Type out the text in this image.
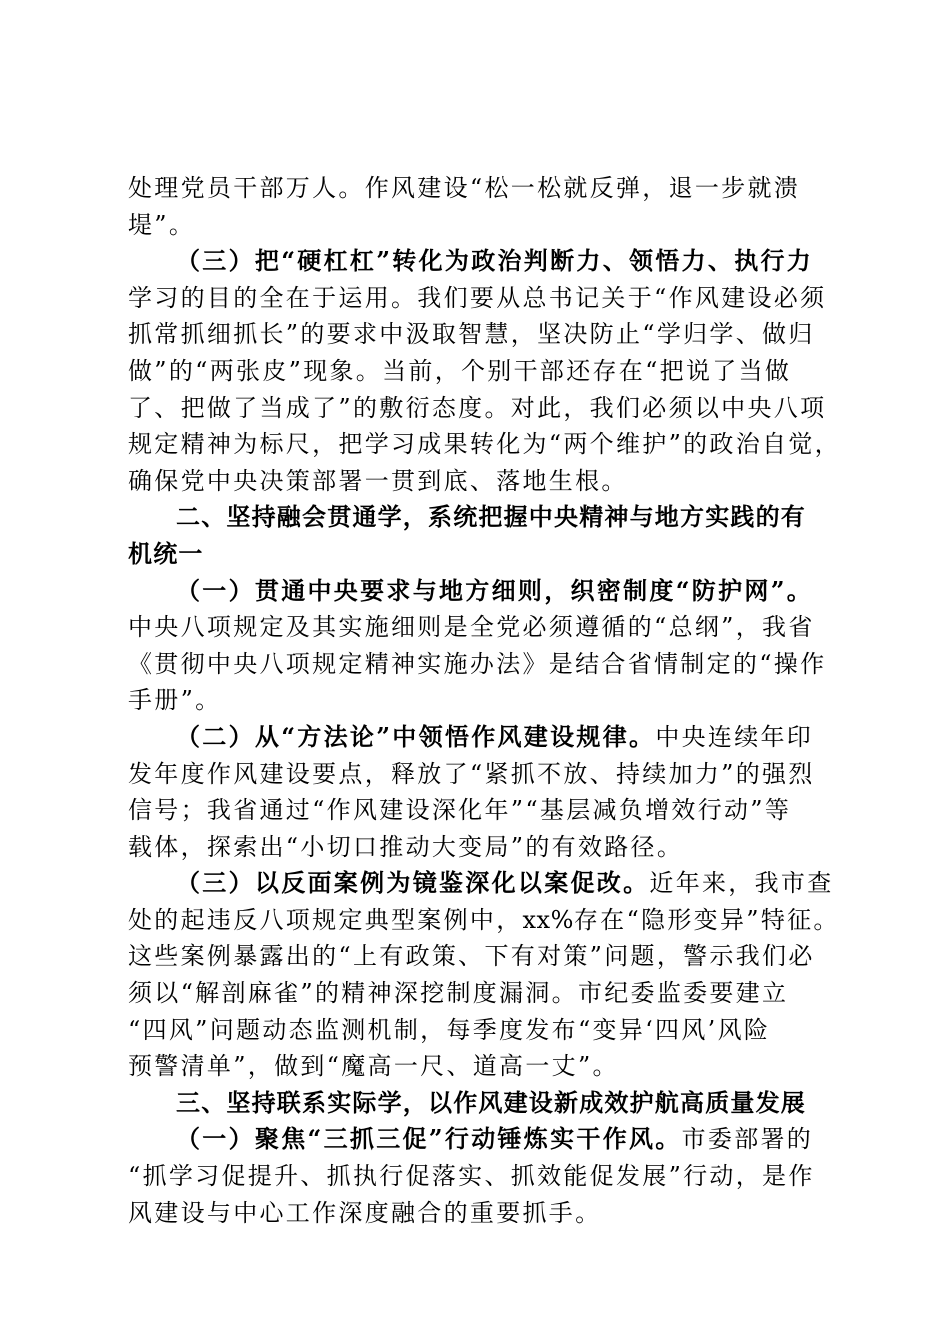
处理党员干部万人。作风建设“松一松就反弹，退一步就溃
堤”。
（三）把“硬杠杠”转化为政治判断力、领悟力、执行力
学习的目的全在于运用。我们要从总书记关于“作风建设必须
抓常抓细抓长”的要求中汲取智慧，坚决防止“学归学、做归
做”的“两张皮”现象。当前，个别干部还存在“把说了当做
了、把做了当成了”的敷衍态度。对此，我们必须以中央八项
规定精神为标尺，把学习成果转化为“两个维护”的政治自觉，
确保党中央决策部署一贯到底、落地生根。
二、坚持融会贯通学，系统把握中央精神与地方实践的有
机统一
（一）贯通中央要求与地方细则，织密制度“防护网”。
中央八项规定及其实施细则是全党必须遵循的“总纲”，我省
《贯彻中央八项规定精神实施办法》是结合省情制定的“操作
手册”。
（二）从“方法论”中领悟作风建设规律。中央连续年印
发年度作风建设要点，释放了“紧抓不放、持续加力”的强烈
信号；我省通过“作风建设深化年”“基层减负增效行动”等
载体，探索出“小切口推动大变局”的有效路径。
（三）以反面案例为镜鉴深化以案促改。近年来，我市查
处的起违反八项规定典型案例中，xx%存在“隐形变异”特征。
这些案例暴露出的“上有政策、下有对策”问题，警示我们必
须以“解剖麻雀”的精神深挖制度漏洞。市纪委监委要建立
“四风”问题动态监测机制，每季度发布“变异‘四风’风险
预警清单”，做到“魔高一尺、道高一丈”。
三、坚持联系实际学，以作风建设新成效护航高质量发展
（一）聚焦“三抓三促”行动锤炼实干作风。市委部署的
“抓学习促提升、抓执行促落实、抓效能促发展”行动，是作
风建设与中心工作深度融合的重要抓手。
